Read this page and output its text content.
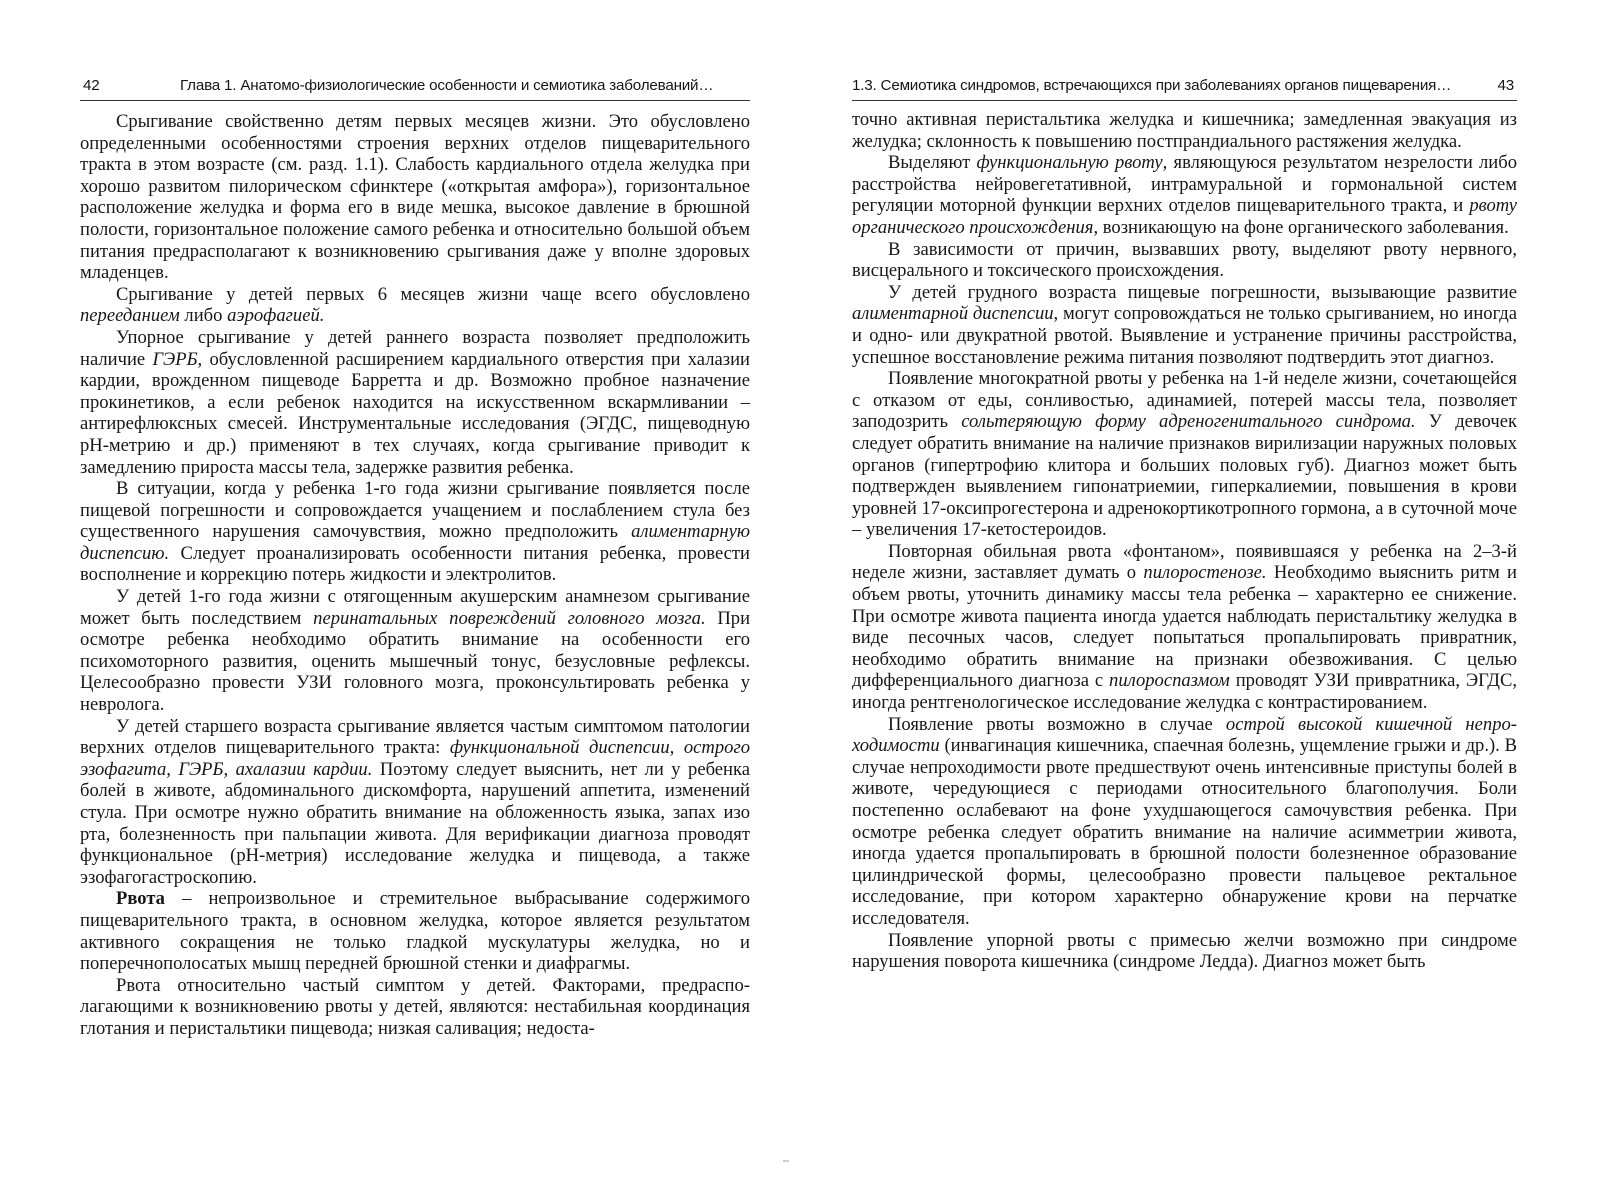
42	Глава 1. Анатомо-физиологические особенности и семиотика заболеваний…

Срыгивание свойственно детям первых месяцев жизни. Это обусловлено определенными особенностями строения верхних отделов пищеварительного тракта в этом возрасте (см. разд. 1.1). Слабость кардиального отдела желудка при хорошо развитом пилорическом сфинктере («открытая амфора»), горизонтальное расположение желудка и форма его в виде мешка, высокое давление в брюшной полости, горизонтальное положение самого ребенка и относительно большой объем питания предрасполагают к возникновению срыгивания даже у вполне здоровых младенцев.

Срыгивание у детей первых 6 месяцев жизни чаще всего обусловлено перееданием либо аэрофагией.

Упорное срыгивание у детей раннего возраста позволяет предположить наличие ГЭРБ, обусловленной расширением кардиального отверстия при халазии кардии, врожденном пищеводе Барретта и др. Возможно пробное назначение прокинетиков, а если ребенок находится на искусственном вскармливании – антирефлюксных смесей. Инструментальные исследования (ЭГДС, пищеводную рН-метрию и др.) применяют в тех случаях, когда срыгивание приводит к замедлению прироста массы тела, задержке развития ребенка.

В ситуации, когда у ребенка 1-го года жизни срыгивание появляется после пищевой погрешности и сопровождается учащением и послаблением стула без существенного нарушения самочувствия, можно предположить алиментарную диспепсию. Следует проанализировать особенности питания ребенка, провести восполнение и коррекцию потерь жидкости и электролитов.

У детей 1-го года жизни с отягощенным акушерским анамнезом срыгивание может быть последствием перинатальных повреждений головного мозга. При осмотре ребенка необходимо обратить внимание на особенности его психомоторного развития, оценить мышечный тонус, безусловные рефлексы. Целесообразно провести УЗИ головного мозга, проконсультировать ребенка у невролога.

У детей старшего возраста срыгивание является частым симптомом патологии верхних отделов пищеварительного тракта: функциональной диспепсии, острого эзофагита, ГЭРБ, ахалазии кардии. Поэтому следует выяснить, нет ли у ребенка болей в животе, абдоминального дискомфорта, нарушений аппетита, изменений стула. При осмотре нужно обратить внимание на обложенность языка, запах изо рта, болезненность при пальпации живота. Для верификации диагноза проводят функциональное (рН-метрия) исследование желудка и пищевода, а также эзофагогастроскопию.

Рвота – непроизвольное и стремительное выбрасывание содержимого пищеварительного тракта, в основном желудка, которое является результатом активного сокращения не только гладкой мускулатуры желудка, но и поперечнополосатых мышц передней брюшной стенки и диафрагмы.

Рвота относительно частый симптом у детей. Факторами, предрасполагающими к возникновению рвоты у детей, являются: нестабильная координация глотания и перистальтики пищевода; низкая саливация; недоста-

1.3. Семиотика синдромов, встречающихся при заболеваниях органов пищеварения…	43

точно активная перистальтика желудка и кишечника; замедленная эвакуация из желудка; склонность к повышению постпрандиального растяжения желудка.

Выделяют функциональную рвоту, являющуюся результатом незрелости либо расстройства нейровегетативной, интрамуральной и гормональной систем регуляции моторной функции верхних отделов пищеварительного тракта, и рвоту органического происхождения, возникающую на фоне органического заболевания.

В зависимости от причин, вызвавших рвоту, выделяют рвоту нервного, висцерального и токсического происхождения.

У детей грудного возраста пищевые погрешности, вызывающие развитие алиментарной диспепсии, могут сопровождаться не только срыгиванием, но иногда и одно- или двукратной рвотой. Выявление и устранение причины расстройства, успешное восстановление режима питания позволяют подтвердить этот диагноз.

Появление многократной рвоты у ребенка на 1-й неделе жизни, сочетающейся с отказом от еды, сонливостью, адинамией, потерей массы тела, позволяет заподозрить сольтеряющую форму адреногенитального синдрома. У девочек следует обратить внимание на наличие признаков вирилизации наружных половых органов (гипертрофию клитора и больших половых губ). Диагноз может быть подтвержден выявлением гипонатриемии, гиперкалиемии, повышения в крови уровней 17-оксипрогестерона и адренокортикотропного гормона, а в суточной моче – увеличения 17-кетостероидов.

Повторная обильная рвота «фонтаном», появившаяся у ребенка на 2–3-й неделе жизни, заставляет думать о пилоростенозе. Необходимо выяснить ритм и объем рвоты, уточнить динамику массы тела ребенка – характерно ее снижение. При осмотре живота пациента иногда удается наблюдать перистальтику желудка в виде песочных часов, следует попытаться пропальпировать привратник, необходимо обратить внимание на признаки обезвоживания. С целью дифференциального диагноза с пилороспазмом проводят УЗИ привратника, ЭГДС, иногда рентгенологическое исследование желудка с контрастированием.

Появление рвоты возможно в случае острой высокой кишечной непроходимости (инвагинация кишечника, спаечная болезнь, ущемление грыжи и др.). В случае непроходимости рвоте предшествуют очень интенсивные приступы болей в животе, чередующиеся с периодами относительного благополучия. Боли постепенно ослабевают на фоне ухудшающегося самочувствия ребенка. При осмотре ребенка следует обратить внимание на наличие асимметрии живота, иногда удается пропальпировать в брюшной полости болезненное образование цилиндрической формы, целесообразно провести пальцевое ректальное исследование, при котором характерно обнаружение крови на перчатке исследователя.

Появление упорной рвоты с примесью желчи возможно при синдроме нарушения поворота кишечника (синдроме Ледда). Диагноз может быть
